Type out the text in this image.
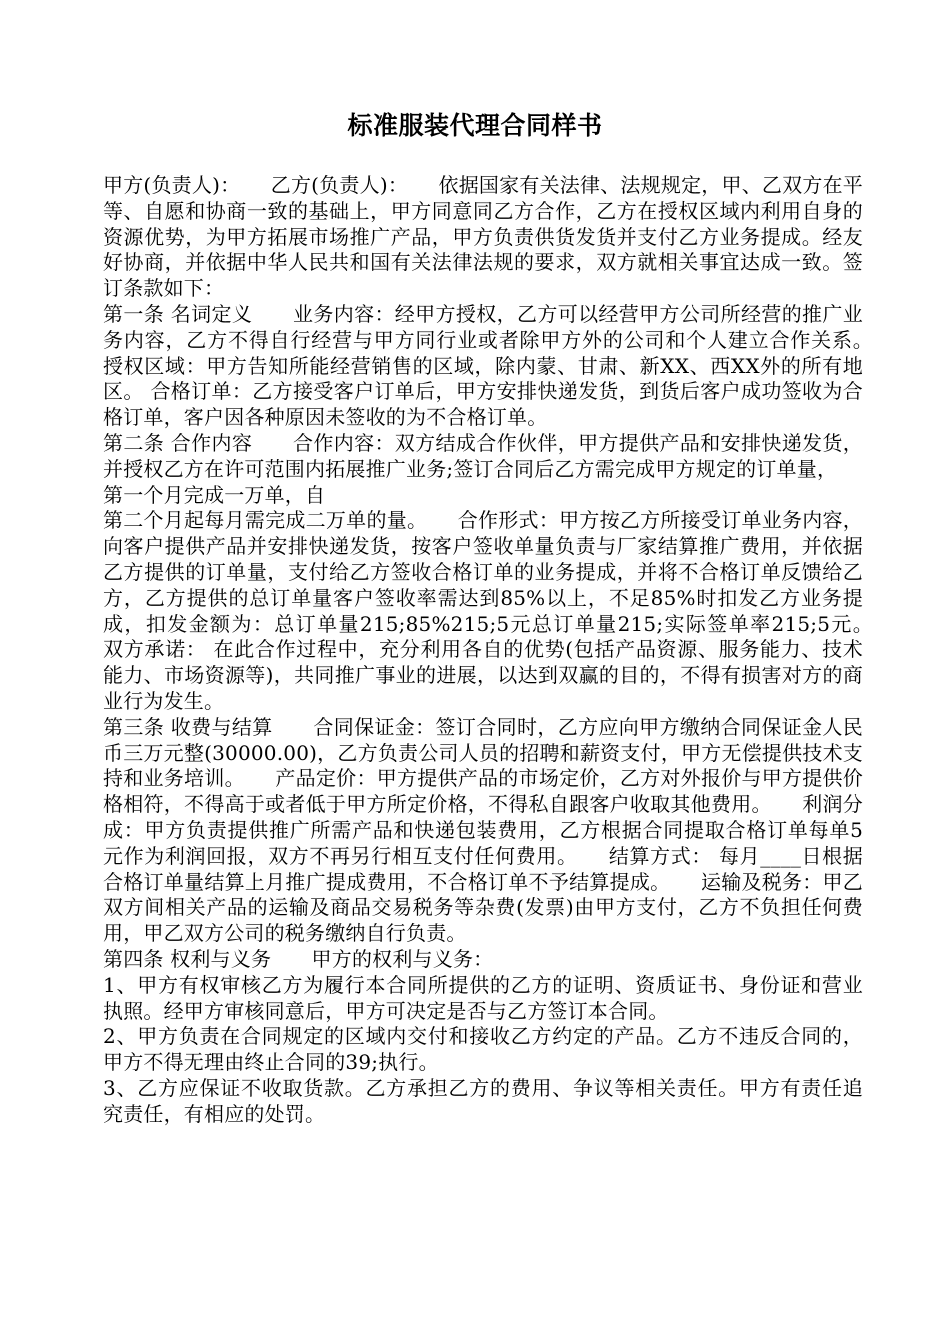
标准服装代理合同样书

甲方(负责人)：　　乙方(负责人)：　　依据国家有关法律、法规规定，甲、乙双方在平等、自愿和协商一致的基础上，甲方同意同乙方合作，乙方在授权区域内利用自身的资源优势，为甲方拓展市场推广产品，甲方负责供货发货并支付乙方业务提成。经友好协商，并依据中华人民共和国有关法律法规的要求，双方就相关事宜达成一致。签订条款如下：

第一条 名词定义　　业务内容：经甲方授权，乙方可以经营甲方公司所经营的推广业务内容，乙方不得自行经营与甲方同行业或者除甲方外的公司和个人建立合作关系。　　授权区域：甲方告知所能经营销售的区域，除内蒙、甘肃、新XX、西XX外的所有地区。 合格订单：乙方接受客户订单后，甲方安排快递发货，到货后客户成功签收为合格订单，客户因各种原因未签收的为不合格订单。

第二条 合作内容　　合作内容：双方结成合作伙伴，甲方提供产品和安排快递发货，并授权乙方在许可范围内拓展推广业务;签订合同后乙方需完成甲方规定的订单量，

第一个月完成一万单，自

第二个月起每月需完成二万单的量。　　合作形式：甲方按乙方所接受订单业务内容，向客户提供产品并安排快递发货，按客户签收单量负责与厂家结算推广费用，并依据乙方提供的订单量，支付给乙方签收合格订单的业务提成，并将不合格订单反馈给乙方，乙方提供的总订单量客户签收率需达到85%以上，不足85%时扣发乙方业务提成，扣发金额为：总订单量215;85%215;5元总订单量215;实际签单率215;5元。　　双方承诺： 在此合作过程中，充分利用各自的优势(包括产品资源、服务能力、技术能力、市场资源等)，共同推广事业的进展，以达到双赢的目的，不得有损害对方的商业行为发生。

第三条 收费与结算　　合同保证金：签订合同时，乙方应向甲方缴纳合同保证金人民币三万元整(30000.00)，乙方负责公司人员的招聘和薪资支付，甲方无偿提供技术支持和业务培训。　　产品定价：甲方提供产品的市场定价，乙方对外报价与甲方提供价格相符，不得高于或者低于甲方所定价格，不得私自跟客户收取其他费用。　　利润分成：甲方负责提供推广所需产品和快递包装费用，乙方根据合同提取合格订单每单5元作为利润回报，双方不再另行相互支付任何费用。　　结算方式： 每月____日根据合格订单量结算上月推广提成费用，不合格订单不予结算提成。　　运输及税务：甲乙双方间相关产品的运输及商品交易税务等杂费(发票)由甲方支付，乙方不负担任何费用，甲乙双方公司的税务缴纳自行负责。

第四条 权利与义务　　甲方的权利与义务：

1、甲方有权审核乙方为履行本合同所提供的乙方的证明、资质证书、身份证和营业执照。经甲方审核同意后，甲方可决定是否与乙方签订本合同。

2、甲方负责在合同规定的区域内交付和接收乙方约定的产品。乙方不违反合同的，甲方不得无理由终止合同的39;执行。

3、乙方应保证不收取货款。乙方承担乙方的费用、争议等相关责任。甲方有责任追究责任，有相应的处罚。
